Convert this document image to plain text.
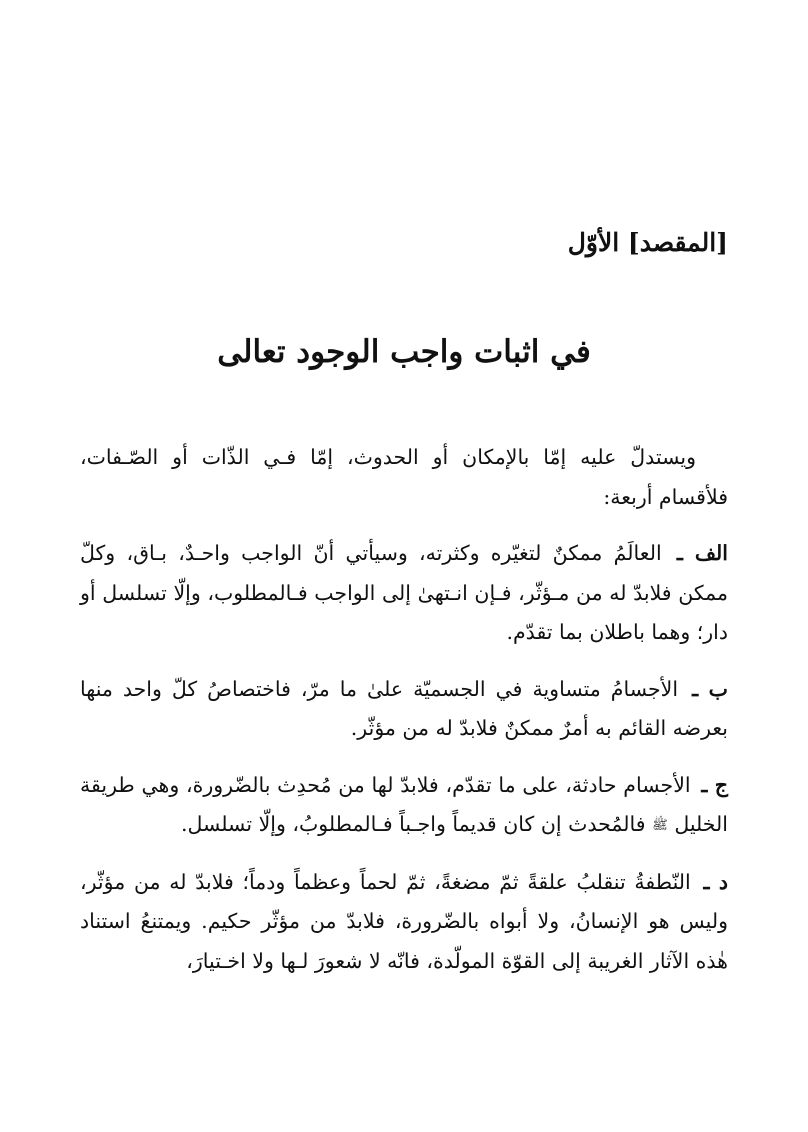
[المقصد] الأوّل
في اثبات واجب الوجود تعالى

ويستدلّ عليه إمّا بالإمكان أو الحدوث، إمّا فـي الذّات أو الصّـفات، فلأقسام أربعة:

الف ـ العالَمُ ممكنٌ لتغيّره وكثرته، وسيأتي أنّ الواجب واحـدٌ، بـاق، وكلّ ممكن فلابدّ له من مـؤثّر، فـإن انـتهىٰ إلى الواجب فـالمطلوب، وإلّا تسلسل أو دار؛ وهما باطلان بما تقدّم.

ب ـ الأجسامُ متساوية في الجسميّة علىٰ ما مرّ، فاختصاصُ كلّ واحد منها بعرضه القائم به أمرٌ ممكنٌ فلابدّ له من مؤثّر.

ج ـ الأجسام حادثة، على ما تقدّم، فلابدّ لها من مُحدِث بالضّرورة، وهي طريقة الخليل ﷺ فالمُحدث إن كان قديماً واجـباً فـالمطلوبُ، وإلّا تسلسل.

د ـ النّطفةُ تنقلبُ علقةً ثمّ مضغةً، ثمّ لحماً وعظماً ودماً؛ فلابدّ له من مؤثّر، وليس هو الإنسانُ، ولا أبواه بالضّرورة، فلابدّ من مؤثّر حكيم. ويمتنعُ استناد هٰذه الآثار الغريبة إلى القوّة المولّدة، فانّه لا شعورَ لـها ولا اخـتيارَ،
